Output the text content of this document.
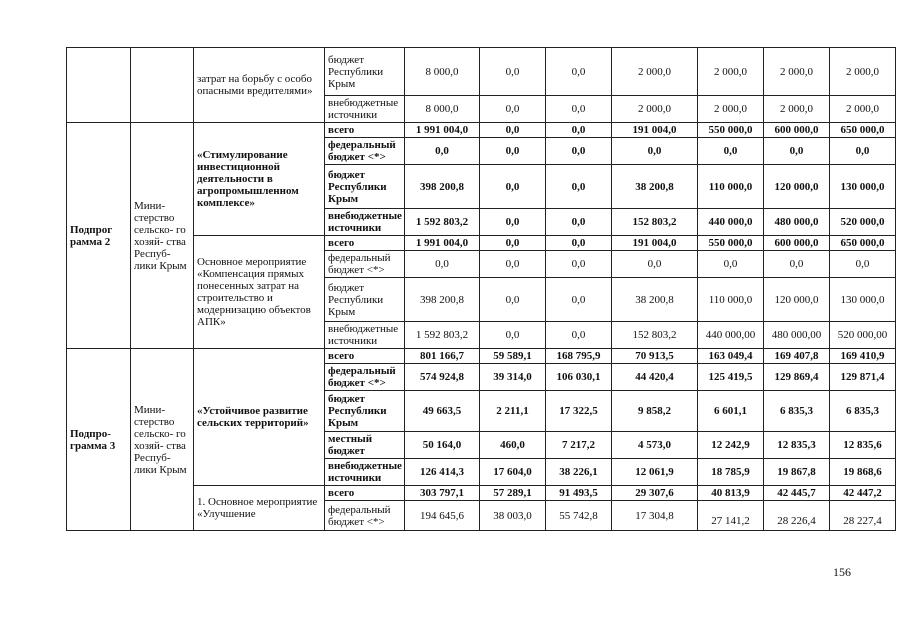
		затрат на борьбу с особо опасными вредителями»	бюджет Республики Крым	8 000,0	0,0	0,0	2 000,0	2 000,0	2 000,0	2 000,0
			внебюджетные источники	8 000,0	0,0	0,0	2 000,0	2 000,0	2 000,0	2 000,0
Подпрог рамма 2	Мини- стерство сельско- го хозяй- ства Респуб- лики Крым	«Стимулирование инвестиционной деятельности в агропромышленном комплексе»	всего	1 991 004,0	0,0	0,0	191 004,0	550 000,0	600 000,0	650 000,0
			федеральный бюджет <*>	0,0	0,0	0,0	0,0	0,0	0,0	0,0
			бюджет Республики Крым	398 200,8	0,0	0,0	38 200,8	110 000,0	120 000,0	130 000,0
			внебюджетные источники	1 592 803,2	0,0	0,0	152 803,2	440 000,0	480 000,0	520 000,0
		Основное мероприятие «Компенсация прямых понесенных затрат на строительство и модернизацию объектов АПК»	всего	1 991 004,0	0,0	0,0	191 004,0	550 000,0	600 000,0	650 000,0
			федеральный бюджет <*>	0,0	0,0	0,0	0,0	0,0	0,0	0,0
			бюджет Республики Крым	398 200,8	0,0	0,0	38 200,8	110 000,0	120 000,0	130 000,0
			внебюджетные источники	1 592 803,2	0,0	0,0	152 803,2	440 000,00	480 000,00	520 000,00
Подпро- грамма 3	Мини- стерство сельско- го хозяй- ства Респуб- лики Крым	«Устойчивое развитие сельских территорий»	всего	801 166,7	59 589,1	168 795,9	70 913,5	163 049,4	169 407,8	169 410,9
			федеральный бюджет <*>	574 924,8	39 314,0	106 030,1	44 420,4	125 419,5	129 869,4	129 871,4
			бюджет Республики Крым	49 663,5	2 211,1	17 322,5	9 858,2	6 601,1	6 835,3	6 835,3
			местный бюджет	50 164,0	460,0	7 217,2	4 573,0	12 242,9	12 835,3	12 835,6
			внебюджетные источники	126 414,3	17 604,0	38 226,1	12 061,9	18 785,9	19 867,8	19 868,6
		1. Основное мероприятие «Улучшение	всего	303 797,1	57 289,1	91 493,5	29 307,6	40 813,9	42 445,7	42 447,2
			федеральный бюджет <*>	194 645,6	38 003,0	55 742,8	17 304,8	27 141,2	28 226,4	28 227,4
156
